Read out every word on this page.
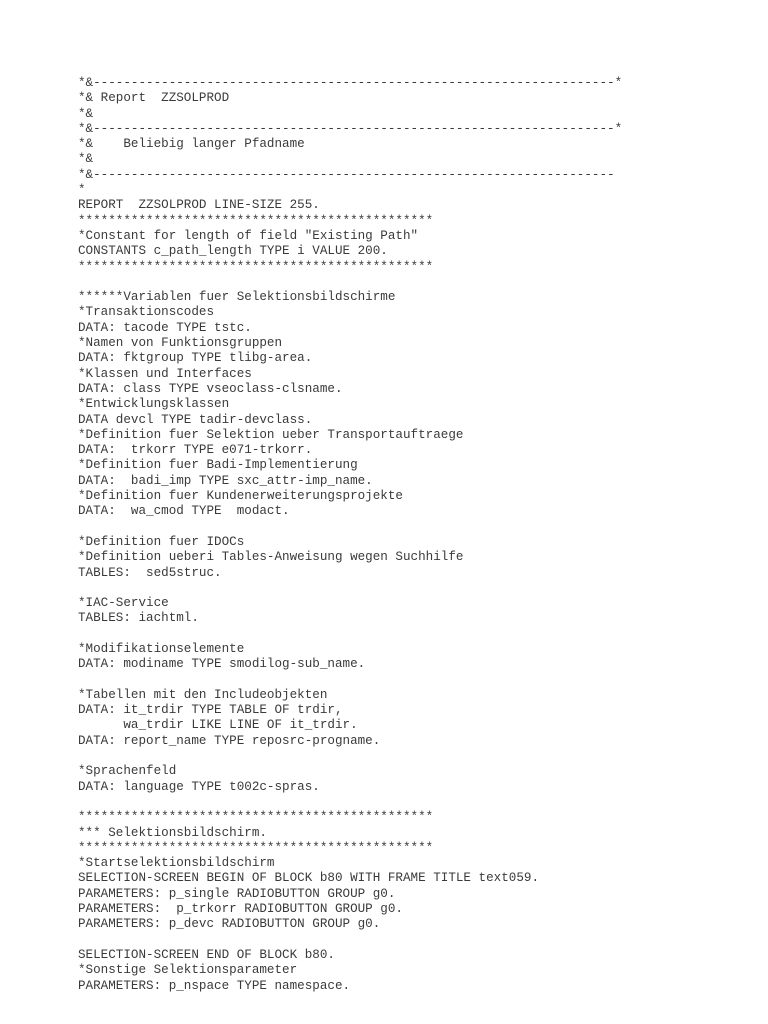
*&---------------------------------------------------------------------*
*& Report  ZZSOLPROD
*&
*&---------------------------------------------------------------------*
*&    Beliebig langer Pfadname
*&
*&---------------------------------------------------------------------
*
REPORT  ZZSOLPROD LINE-SIZE 255.
***********************************************
*Constant for length of field "Existing Path"
CONSTANTS c_path_length TYPE i VALUE 200.
***********************************************
******Variablen fuer Selektionsbildschirme
*Transaktionscodes
DATA: tacode TYPE tstc.
*Namen von Funktionsgruppen
DATA: fktgroup TYPE tlibg-area.
*Klassen und Interfaces
DATA: class TYPE vseoclass-clsname.
*Entwicklungsklassen
DATA devcl TYPE tadir-devclass.
*Definition fuer Selektion ueber Transportauftraege
DATA:  trkorr TYPE e071-trkorr.
*Definition fuer Badi-Implementierung
DATA:  badi_imp TYPE sxc_attr-imp_name.
*Definition fuer Kundenerweiterungsprojekte
DATA:  wa_cmod TYPE  modact.
*Definition fuer IDOCs
*Definition ueberi Tables-Anweisung wegen Suchhilfe
TABLES:  sed5struc.
*IAC-Service
TABLES: iachtml.
*Modifikationselemente
DATA: modiname TYPE smodilog-sub_name.
*Tabellen mit den Includeobjekten
DATA: it_trdir TYPE TABLE OF trdir,
wa_trdir LIKE LINE OF it_trdir.
DATA: report_name TYPE reposrc-progname.
*Sprachenfeld
DATA: language TYPE t002c-spras.
***********************************************
*** Selektionsbildschirm.
***********************************************
*Startselektionsbildschirm
SELECTION-SCREEN BEGIN OF BLOCK b80 WITH FRAME TITLE text059.
PARAMETERS: p_single RADIOBUTTON GROUP g0.
PARAMETERS:  p_trkorr RADIOBUTTON GROUP g0.
PARAMETERS: p_devc RADIOBUTTON GROUP g0.
SELECTION-SCREEN END OF BLOCK b80.
*Sonstige Selektionsparameter
PARAMETERS: p_nspace TYPE namespace.
